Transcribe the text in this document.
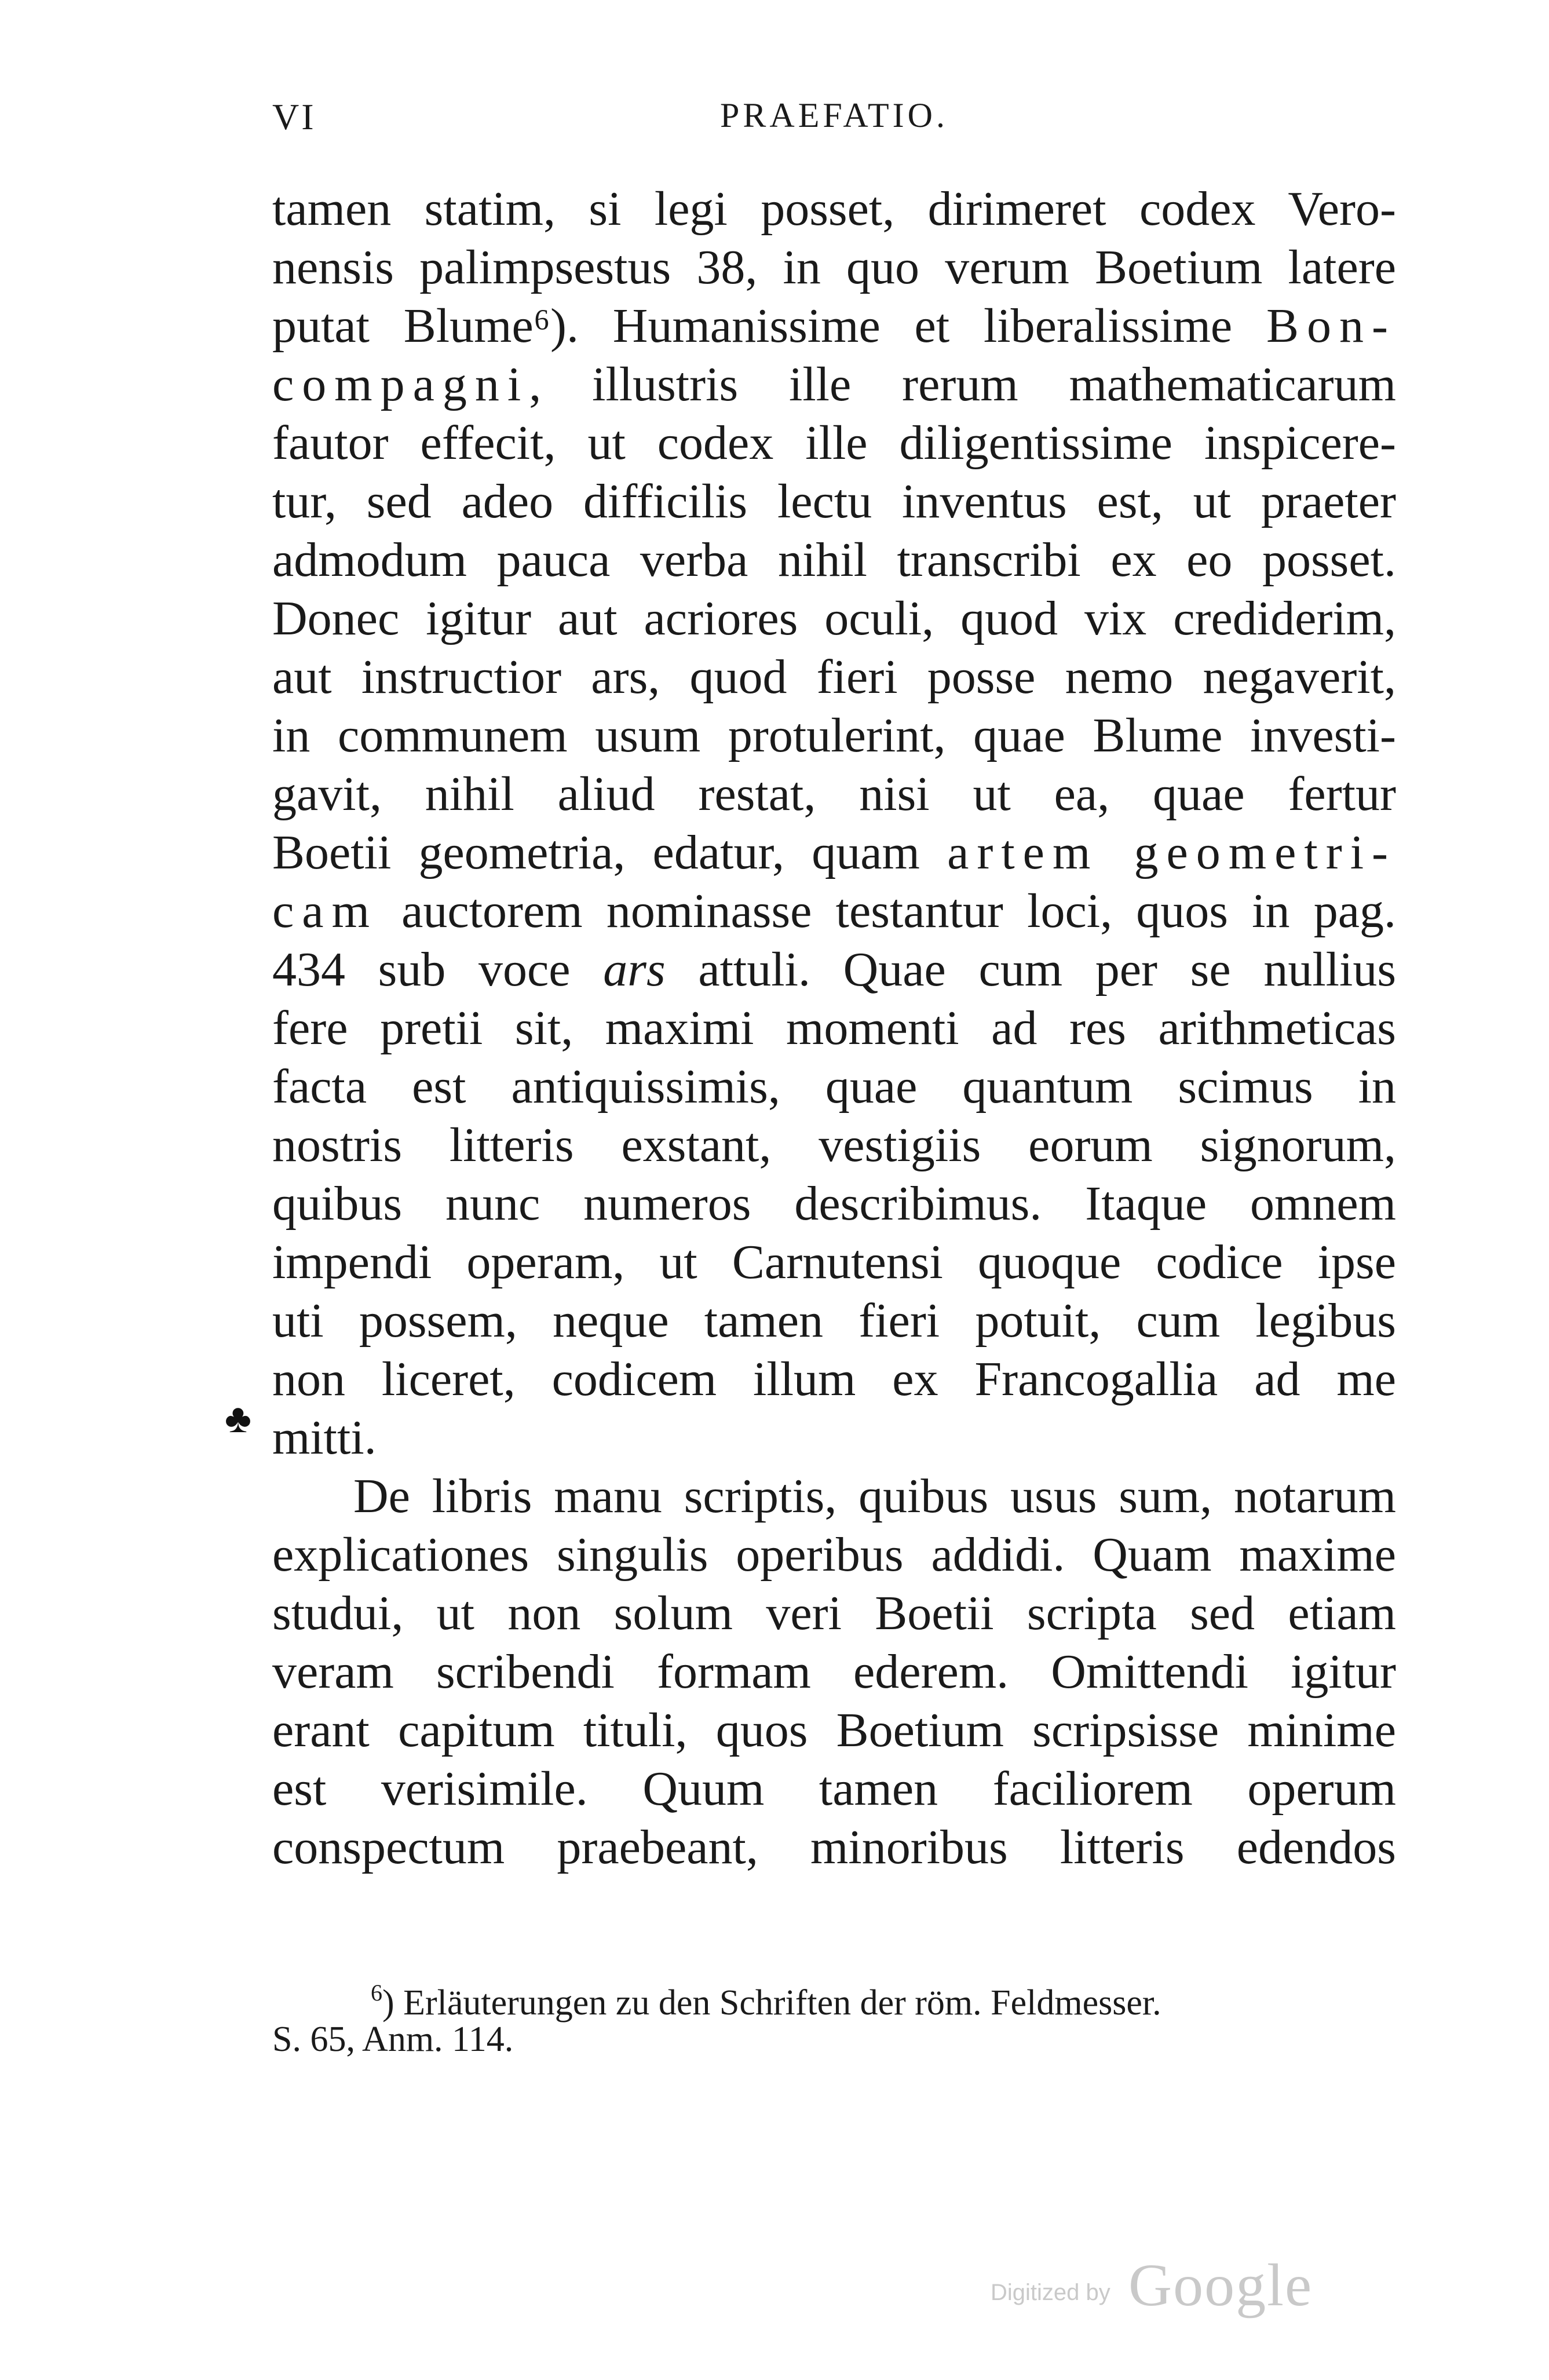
VI	PRAEFATIO.
tamen statim, si legi posset, dirimeret codex Vero-
nensis palimpsestus 38, in quo verum Boetium latere
putat Blume⁶). Humanissime et liberalissime Bon-
compagni, illustris ille rerum mathematicarum
fautor effecit, ut codex ille diligentissime inspicere-
tur, sed adeo difficilis lectu inventus est, ut praeter
admodum pauca verba nihil transcribi ex eo posset.
Donec igitur aut acriores oculi, quod vix crediderim,
aut instructior ars, quod fieri posse nemo negaverit,
in communem usum protulerint, quae Blume investi-
gavit, nihil aliud restat, nisi ut ea, quae fertur
Boetii geometria, edatur, quam artem geometri-
cam auctorem nominasse testantur loci, quos in pag.
434 sub voce ars attuli. Quae cum per se nullius
fere pretii sit, maximi momenti ad res arithmeticas
facta est antiquissimis, quae quantum scimus in
nostris litteris exstant, vestigiis eorum signorum,
quibus nunc numeros describimus. Itaque omnem
impendi operam, ut Carnutensi quoque codice ipse
uti possem, neque tamen fieri potuit, cum legibus
non liceret, codicem illum ex Francogallia ad me
mitti.
De libris manu scriptis, quibus usus sum, notarum
explicationes singulis operibus addidi. Quam maxime
studui, ut non solum veri Boetii scripta sed etiam
veram scribendi formam ederem. Omittendi igitur
erant capitum tituli, quos Boetium scripsisse minime
est verisimile. Quum tamen faciliorem operum
conspectum praebeant, minoribus litteris edendos
♣
$^6$) Erläuterungen zu den Schriften der röm. Feldmesser.
S. 65, Anm. 114.
Digitized by Google
